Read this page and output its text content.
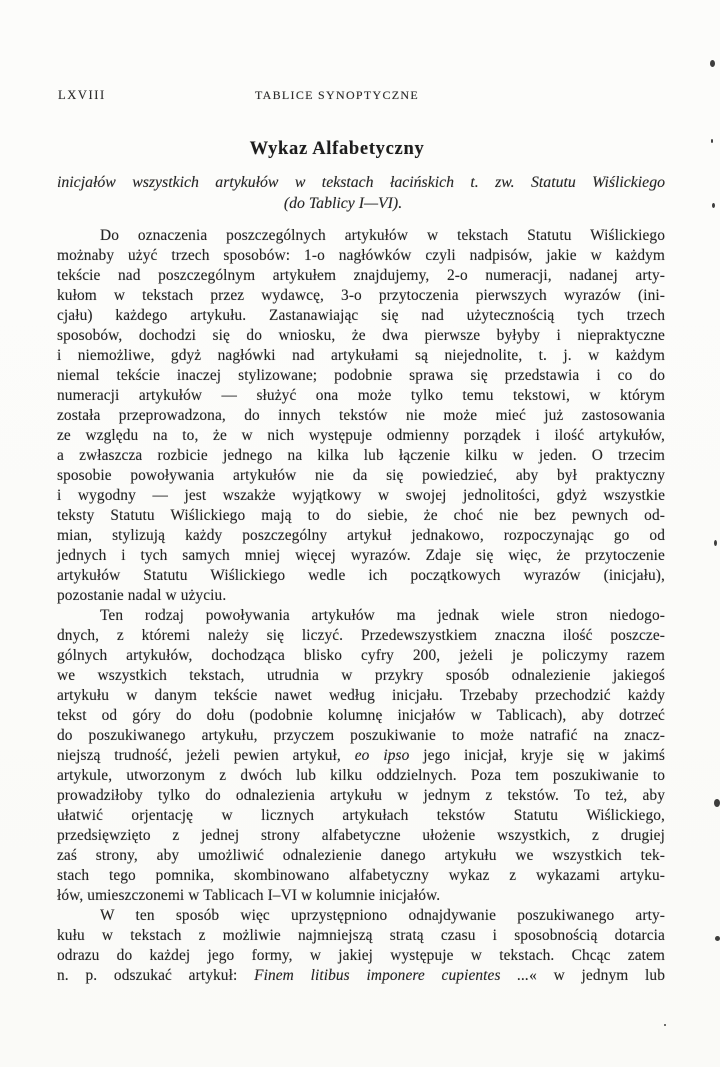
LXVIII	TABLICE SYNOPTYCZNE
Wykaz Alfabetyczny
inicjałów wszystkich artykułów w tekstach łacińskich t. zw. Statutu Wiślickiego
(do Tablicy I—VI).
Do oznaczenia poszczególnych artykułów w tekstach Statutu Wiślickiego
możnaby użyć trzech sposobów: 1-o nagłówków czyli nadpisów, jakie w każdym
tekście nad poszczególnym artykułem znajdujemy, 2-o numeracji, nadanej arty-
kułom w tekstach przez wydawcę, 3-o przytoczenia pierwszych wyrazów (ini-
cjału) każdego artykułu. Zastanawiając się nad użytecznością tych trzech
sposobów, dochodzi się do wniosku, że dwa pierwsze byłyby i niepraktyczne
i niemożliwe, gdyż nagłówki nad artykułami są niejednolite, t. j. w każdym
niemal tekście inaczej stylizowane; podobnie sprawa się przedstawia i co do
numeracji artykułów — służyć ona może tylko temu tekstowi, w którym
została przeprowadzona, do innych tekstów nie może mieć już zastosowania
ze względu na to, że w nich występuje odmienny porządek i ilość artykułów,
a zwłaszcza rozbicie jednego na kilka lub łączenie kilku w jeden. O trzecim
sposobie powoływania artykułów nie da się powiedzieć, aby był praktyczny
i wygodny — jest wszakże wyjątkowy w swojej jednolitości, gdyż wszystkie
teksty Statutu Wiślickiego mają to do siebie, że choć nie bez pewnych od-
mian, stylizują każdy poszczególny artykuł jednakowo, rozpoczynając go od
jednych i tych samych mniej więcej wyrazów. Zdaje się więc, że przytoczenie
artykułów Statutu Wiślickiego wedle ich początkowych wyrazów (inicjału),
pozostanie nadal w użyciu.
Ten rodzaj powoływania artykułów ma jednak wiele stron niedogo-
dnych, z któremi należy się liczyć. Przedewszystkiem znaczna ilość poszcze-
gólnych artykułów, dochodząca blisko cyfry 200, jeżeli je policzymy razem
we wszystkich tekstach, utrudnia w przykry sposób odnalezienie jakiegoś
artykułu w danym tekście nawet według inicjału. Trzebaby przechodzić każdy
tekst od góry do dołu (podobnie kolumnę inicjałów w Tablicach), aby dotrzeć
do poszukiwanego artykułu, przyczem poszukiwanie to może natrafić na znacz-
niejszą trudność, jeżeli pewien artykuł, eo ipso jego inicjał, kryje się w jakimś
artykule, utworzonym z dwóch lub kilku oddzielnych. Poza tem poszukiwanie to
prowadziłoby tylko do odnalezienia artykułu w jednym z tekstów. To też, aby
ułatwić orjentację w licznych artykułach tekstów Statutu Wiślickiego,
przedsięwzięto z jednej strony alfabetyczne ułożenie wszystkich, z drugiej
zaś strony, aby umożliwić odnalezienie danego artykułu we wszystkich tek-
stach tego pomnika, skombinowano alfabetyczny wykaz z wykazami artyku-
łów, umieszczonemi w Tablicach I–VI w kolumnie inicjałów.
W ten sposób więc uprzystępniono odnajdywanie poszukiwanego arty-
kułu w tekstach z możliwie najmniejszą stratą czasu i sposobnością dotarcia
odrazu do każdej jego formy, w jakiej występuje w tekstach. Chcąc zatem
n. p. odszukać artykuł: Finem litibus imponere cupientes ...« w jednym lub
